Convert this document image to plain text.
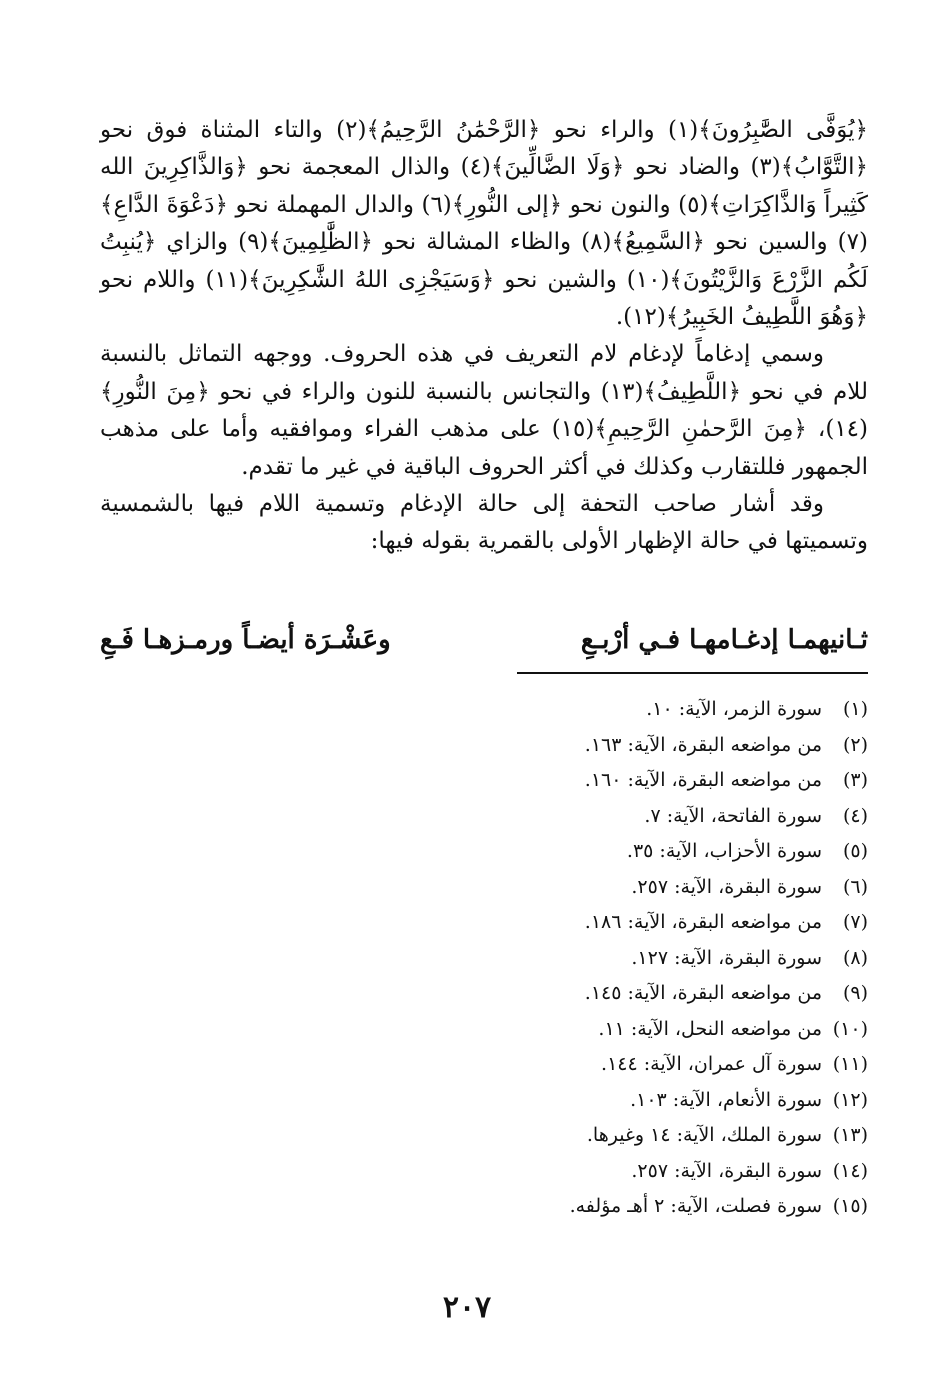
﴿يُوَفَّى الصَّٰبِرُونَ﴾(١) والراء نحو ﴿الرَّحْمَٰنُ الرَّحِيمُ﴾(٢) والتاء المثناة فوق نحو ﴿التَّوَّابُ﴾(٣) والضاد نحو ﴿وَلَا الضَّالِّينَ﴾(٤) والذال المعجمة نحو ﴿وَالذَّاكِرِينَ الله كَثِيراً وَالذَّاكِرَاتِ﴾(٥) والنون نحو ﴿إلى النُّورِ﴾(٦) والدال المهملة نحو ﴿دَعْوَةَ الدَّاعِ﴾(٧) والسين نحو ﴿السَّمِيعُ﴾(٨) والظاء المشالة نحو ﴿الظَّٰلِمِينَ﴾(٩) والزاي ﴿يُنبِتُ لَكُم الزَّرْعَ وَالزَّيْتُونَ﴾(١٠) والشين نحو ﴿وَسَيَجْزِى اللهُ الشَّٰكِرِينَ﴾(١١) واللام نحو ﴿وَهُوَ اللَّطِيفُ الخَبِيرُ﴾(١٢).

وسمي إدغاماً لإدغام لام التعريف في هذه الحروف. ووجهه التماثل بالنسبة للام في نحو ﴿اللَّطِيفُ﴾(١٣) والتجانس بالنسبة للنون والراء في نحو ﴿مِنَ النُّورِ﴾(١٤)، ﴿مِنَ الرَّحمٰنِ الرَّحِيمِ﴾(١٥) على مذهب الفراء وموافقيه وأما على مذهب الجمهور فللتقارب وكذلك في أكثر الحروف الباقية في غير ما تقدم.

وقد أشار صاحب التحفة إلى حالة الإدغام وتسمية اللام فيها بالشمسية وتسميتها في حالة الإظهار الأولى بالقمرية بقوله فيها:

ثـانيهمـا إدغـامهـا فـي أرْبـعِ
وعَشْـرَة أيضـاً ورمـزهـا فَـعِ
(١)
سورة الزمر، الآية: ١٠.
(٢)
من مواضعه البقرة، الآية: ١٦٣.
(٣)
من مواضعه البقرة، الآية: ١٦٠.
(٤)
سورة الفاتحة، الآية: ٧.
(٥)
سورة الأحزاب، الآية: ٣٥.
(٦)
سورة البقرة، الآية: ٢٥٧.
(٧)
من مواضعه البقرة، الآية: ١٨٦.
(٨)
سورة البقرة، الآية: ١٢٧.
(٩)
من مواضعه البقرة، الآية: ١٤٥.
(١٠)
من مواضعه النحل، الآية: ١١.
(١١)
سورة آل عمران، الآية: ١٤٤.
(١٢)
سورة الأنعام، الآية: ١٠٣.
(١٣)
سورة الملك، الآية: ١٤ وغيرها.
(١٤)
سورة البقرة، الآية: ٢٥٧.
(١٥)
سورة فصلت، الآية: ٢ أهـ مؤلفه.
٢٠٧
